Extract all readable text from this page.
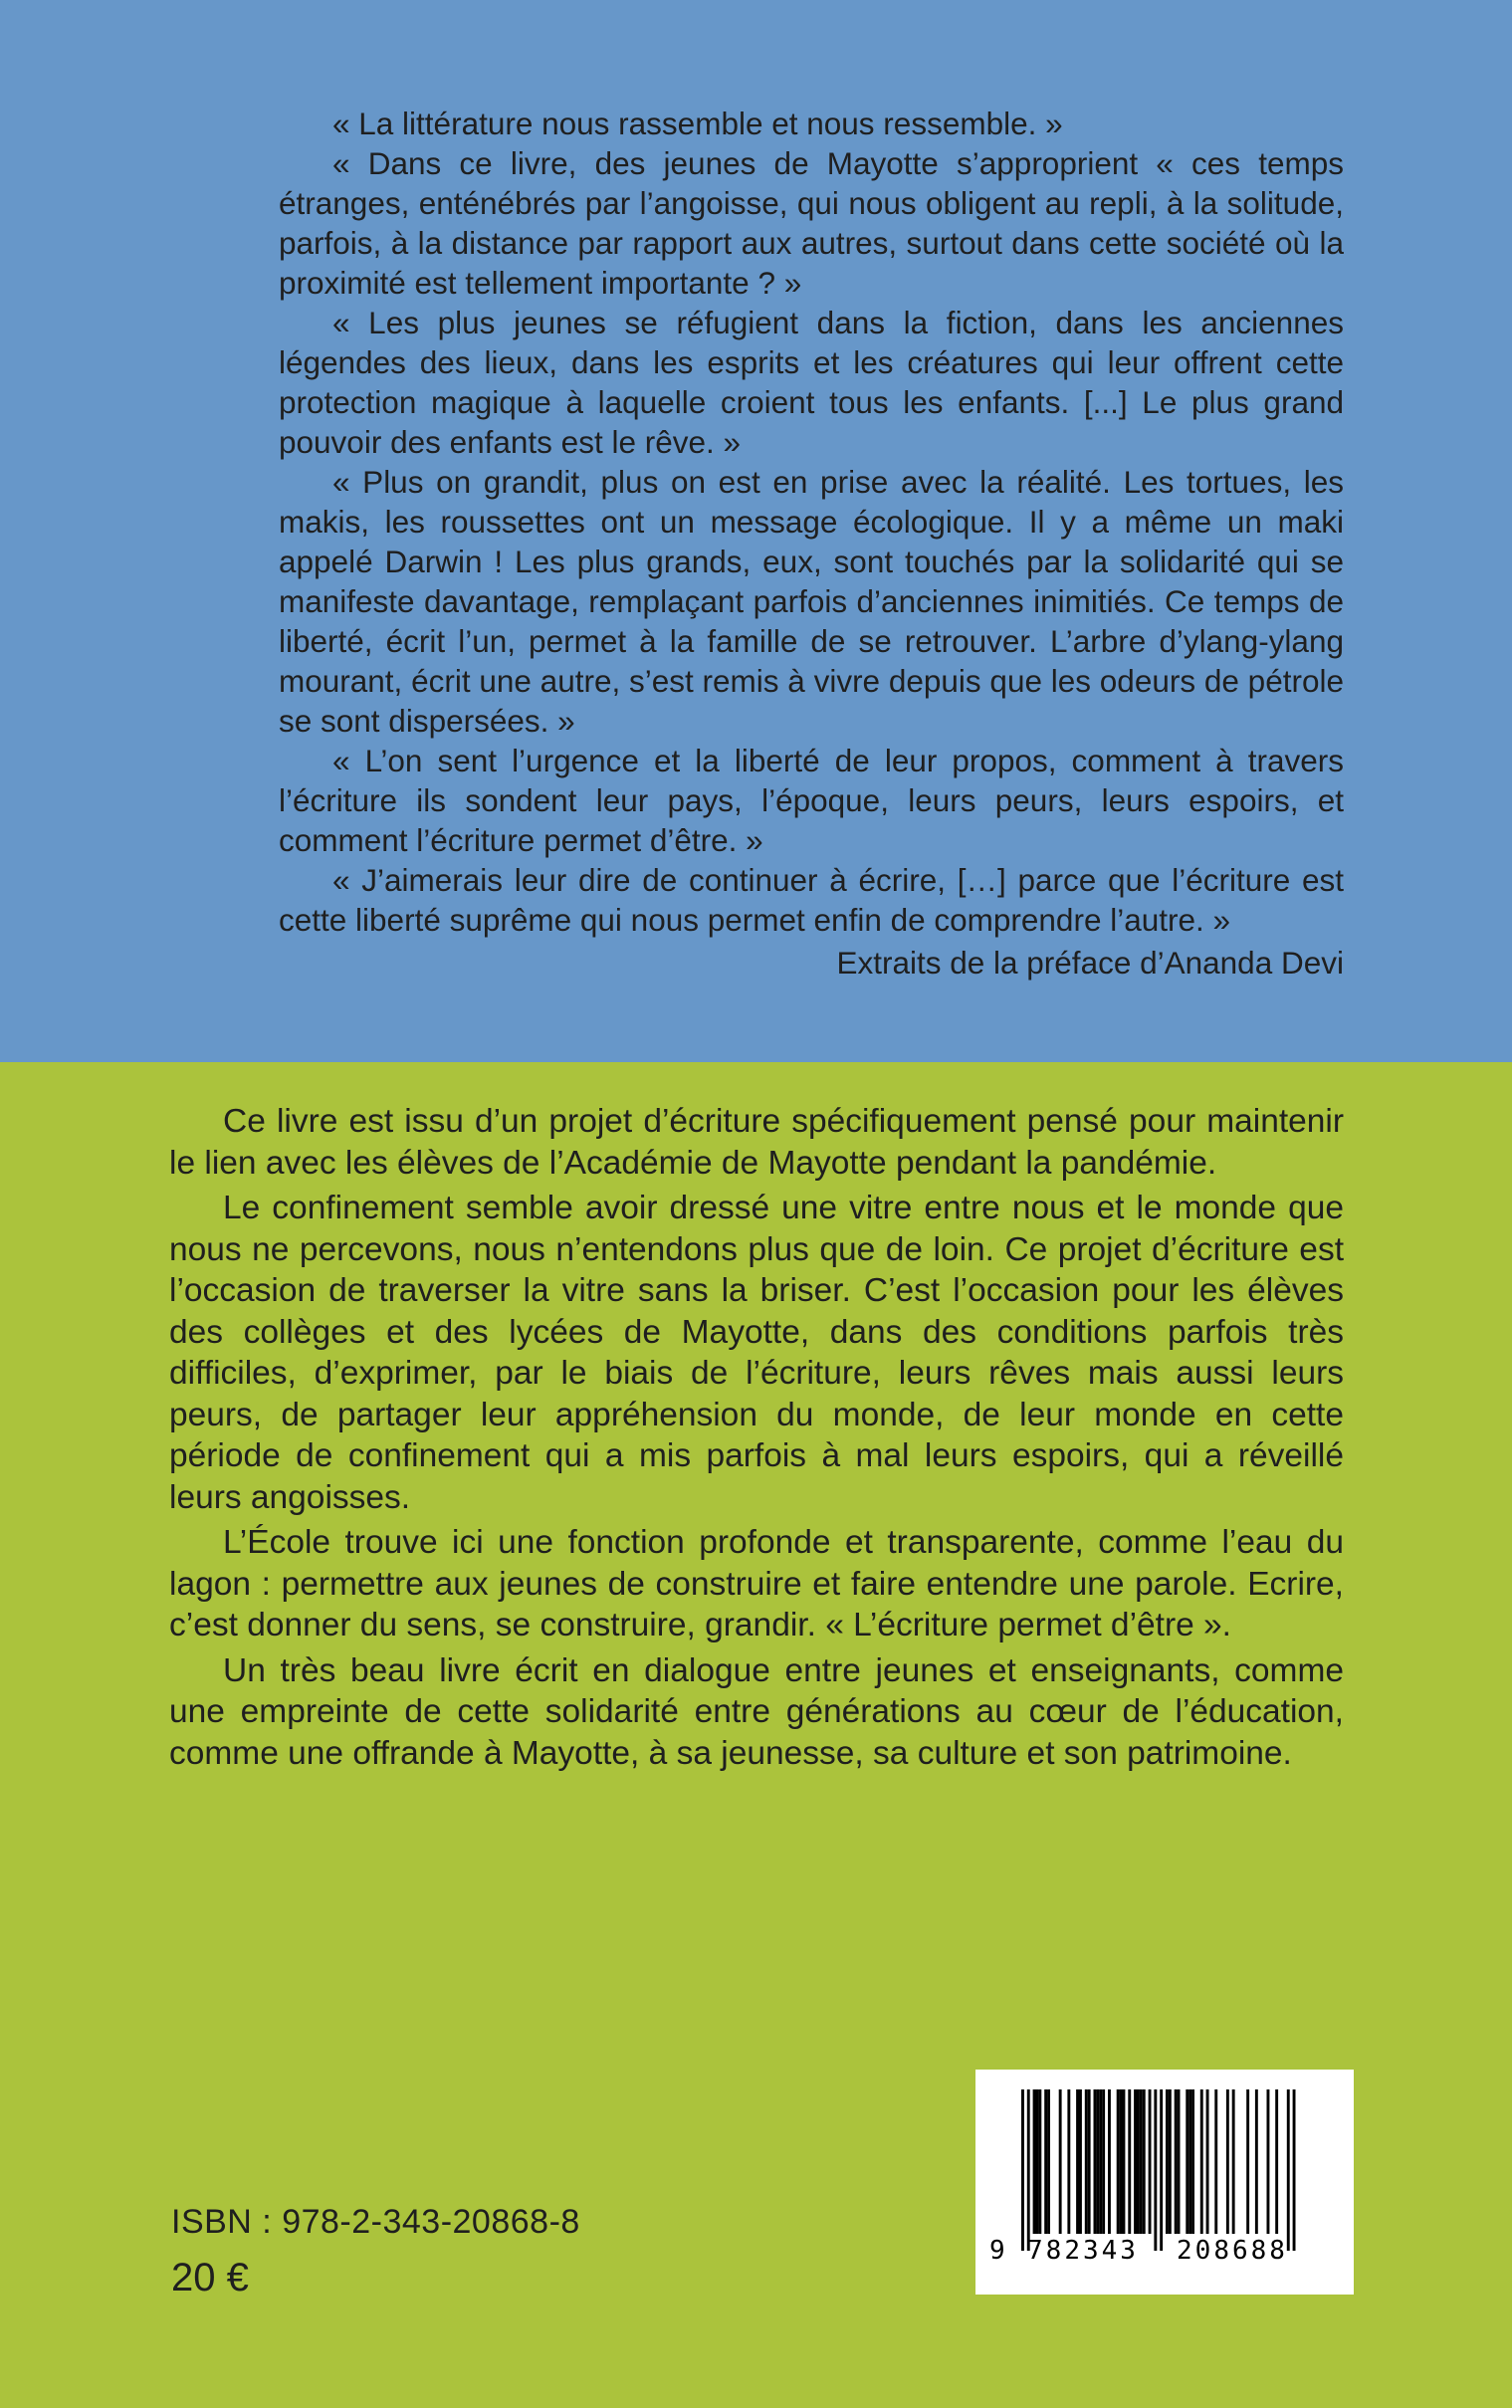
« La littérature nous rassemble et nous ressemble. »

« Dans ce livre, des jeunes de Mayotte s’approprient « ces temps étranges, enténébrés par l’angoisse, qui nous obligent au repli, à la solitude, parfois, à la distance par rapport aux autres, surtout dans cette société où la proximité est tellement importante ? »

« Les plus jeunes se réfugient dans la fiction, dans les anciennes légendes des lieux, dans les esprits et les créatures qui leur offrent cette protection magique à laquelle croient tous les enfants. [...] Le plus grand pouvoir des enfants est le rêve. »

« Plus on grandit, plus on est en prise avec la réalité. Les tortues, les makis, les roussettes ont un message écologique. Il y a même un maki appelé Darwin ! Les plus grands, eux, sont touchés par la solidarité qui se manifeste davantage, remplaçant parfois d’anciennes inimitiés. Ce temps de liberté, écrit l’un, permet à la famille de se retrouver. L’arbre d’ylang-ylang mourant, écrit une autre, s’est remis à vivre depuis que les odeurs de pétrole se sont dispersées. »

« L’on sent l’urgence et la liberté de leur propos, comment à travers l’écriture ils sondent leur pays, l’époque, leurs peurs, leurs espoirs, et comment l’écriture permet d’être. »

« J’aimerais leur dire de continuer à écrire, […] parce que l’écriture est cette liberté suprême qui nous permet enfin de comprendre l’autre. »

Extraits de la préface d’Ananda Devi

Ce livre est issu d’un projet d’écriture spécifiquement pensé pour maintenir le lien avec les élèves de l’Académie de Mayotte pendant la pandémie.

Le confinement semble avoir dressé une vitre entre nous et le monde que nous ne percevons, nous n’entendons plus que de loin. Ce projet d’écriture est l’occasion de traverser la vitre sans la briser. C’est l’occasion pour les élèves des collèges et des lycées de Mayotte, dans des conditions parfois très difficiles, d’exprimer, par le biais de l’écriture, leurs rêves mais aussi leurs peurs, de partager leur appréhension du monde, de leur monde en cette période de confinement qui a mis parfois à mal leurs espoirs, qui a réveillé leurs angoisses.

L’École trouve ici une fonction profonde et transparente, comme l’eau du lagon : permettre aux jeunes de construire et faire entendre une parole. Ecrire, c’est donner du sens, se construire, grandir. « L’écriture permet d’être ».

Un très beau livre écrit en dialogue entre jeunes et enseignants, comme une empreinte de cette solidarité entre générations au cœur de l’éducation, comme une offrande à Mayotte, à sa jeunesse, sa culture et son patrimoine.

ISBN : 978-2-343-20868-8
20 €
9 782343 208688
